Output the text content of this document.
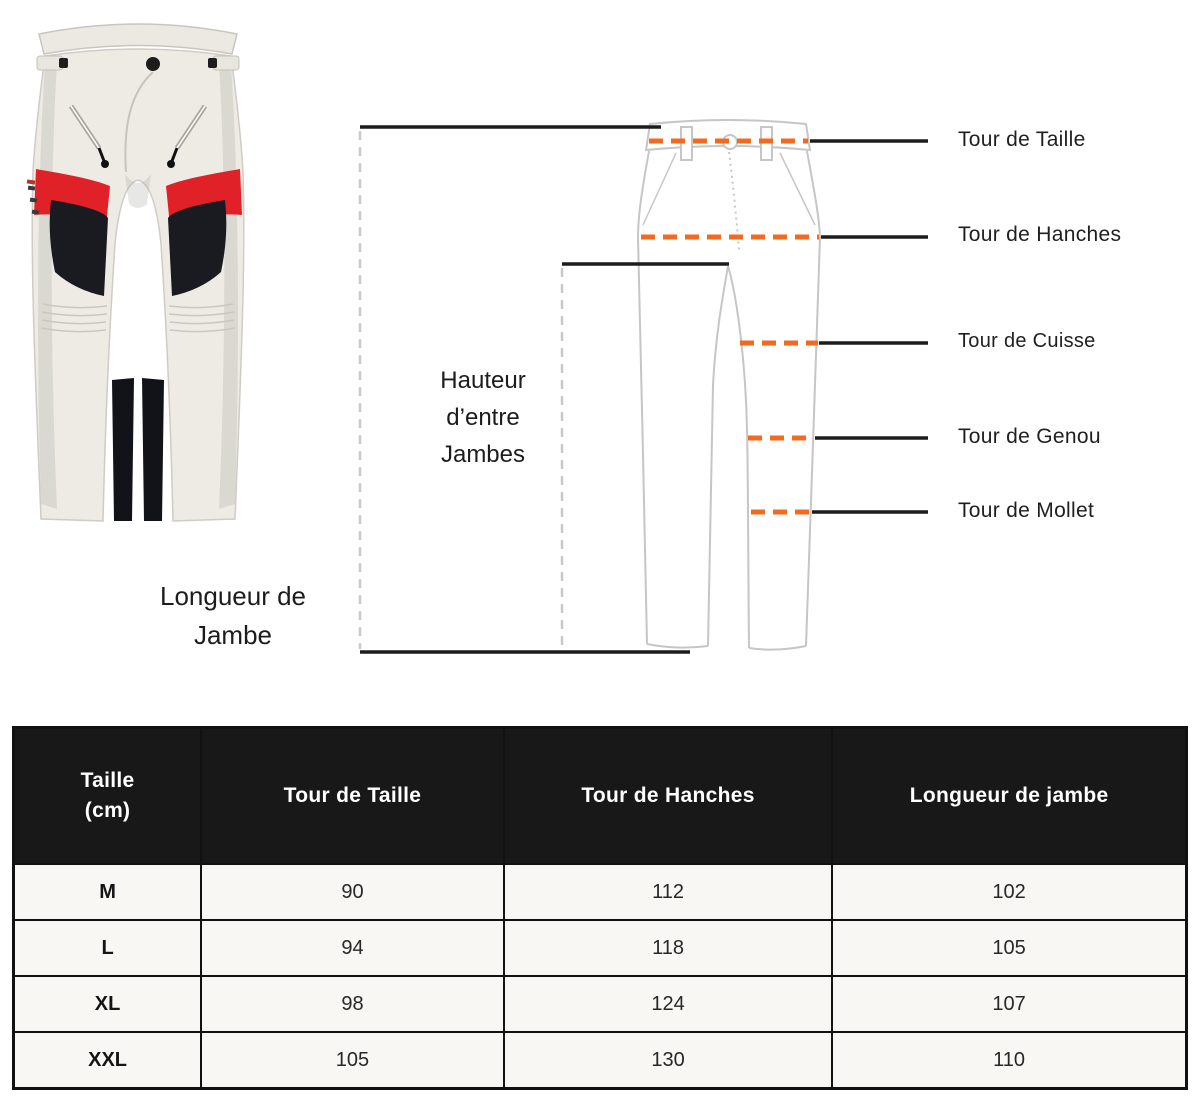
Tour de Taille
Tour de Hanches
Tour de Cuisse
Tour de Genou
Tour de Mollet
Hauteur d’entre Jambes
Longueur de Jambe
Taille (cm)	Tour de Taille	Tour de Hanches	Longueur de jambe
M	90	112	102
L	94	118	105
XL	98	124	107
XXL	105	130	110
